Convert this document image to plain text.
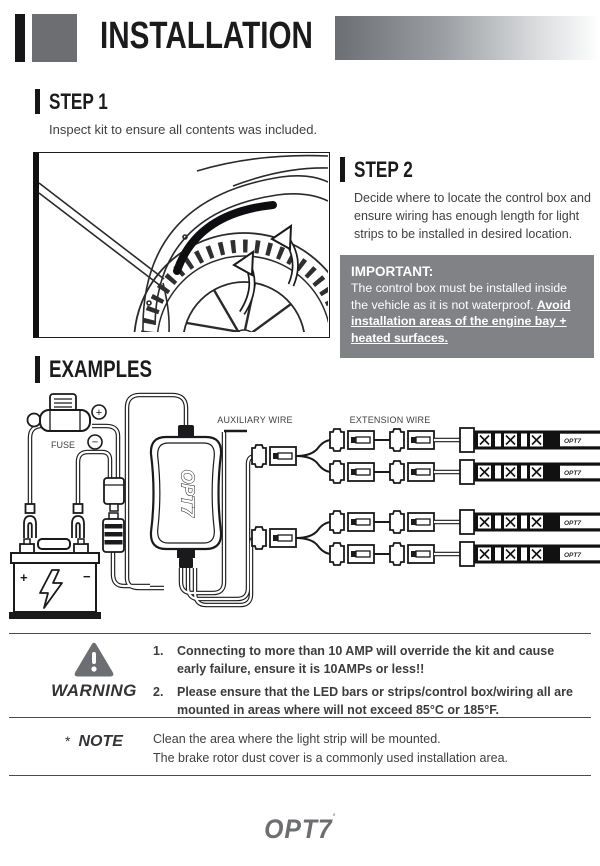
INSTALLATION
STEP 1

Inspect kit to ensure all contents was included.

STEP 2
Decide where to locate the control box and ensure wiring has enough length for light strips to be installed in desired location.
IMPORTANT:
The control box must be installed inside the vehicle as it is not waterproof. Avoid installation areas of the engine bay + heated surfaces.
EXAMPLES
OPT7
+	−
FUSE
+
−
OPT7
AUXILIARY WIRE	EXTENSION WIRE
WARNING
1.	Connecting to more than 10 AMP will override the kit and cause early failure, ensure it is 10AMPs or less!!
2.	Please ensure that the LED bars or strips/control box/wiring all are mounted in areas where will not exceed 85°C or 185°F.
* NOTE	Clean the area where the light strip will be mounted.
The brake rotor dust cover is a commonly used installation area.
OPT7'
